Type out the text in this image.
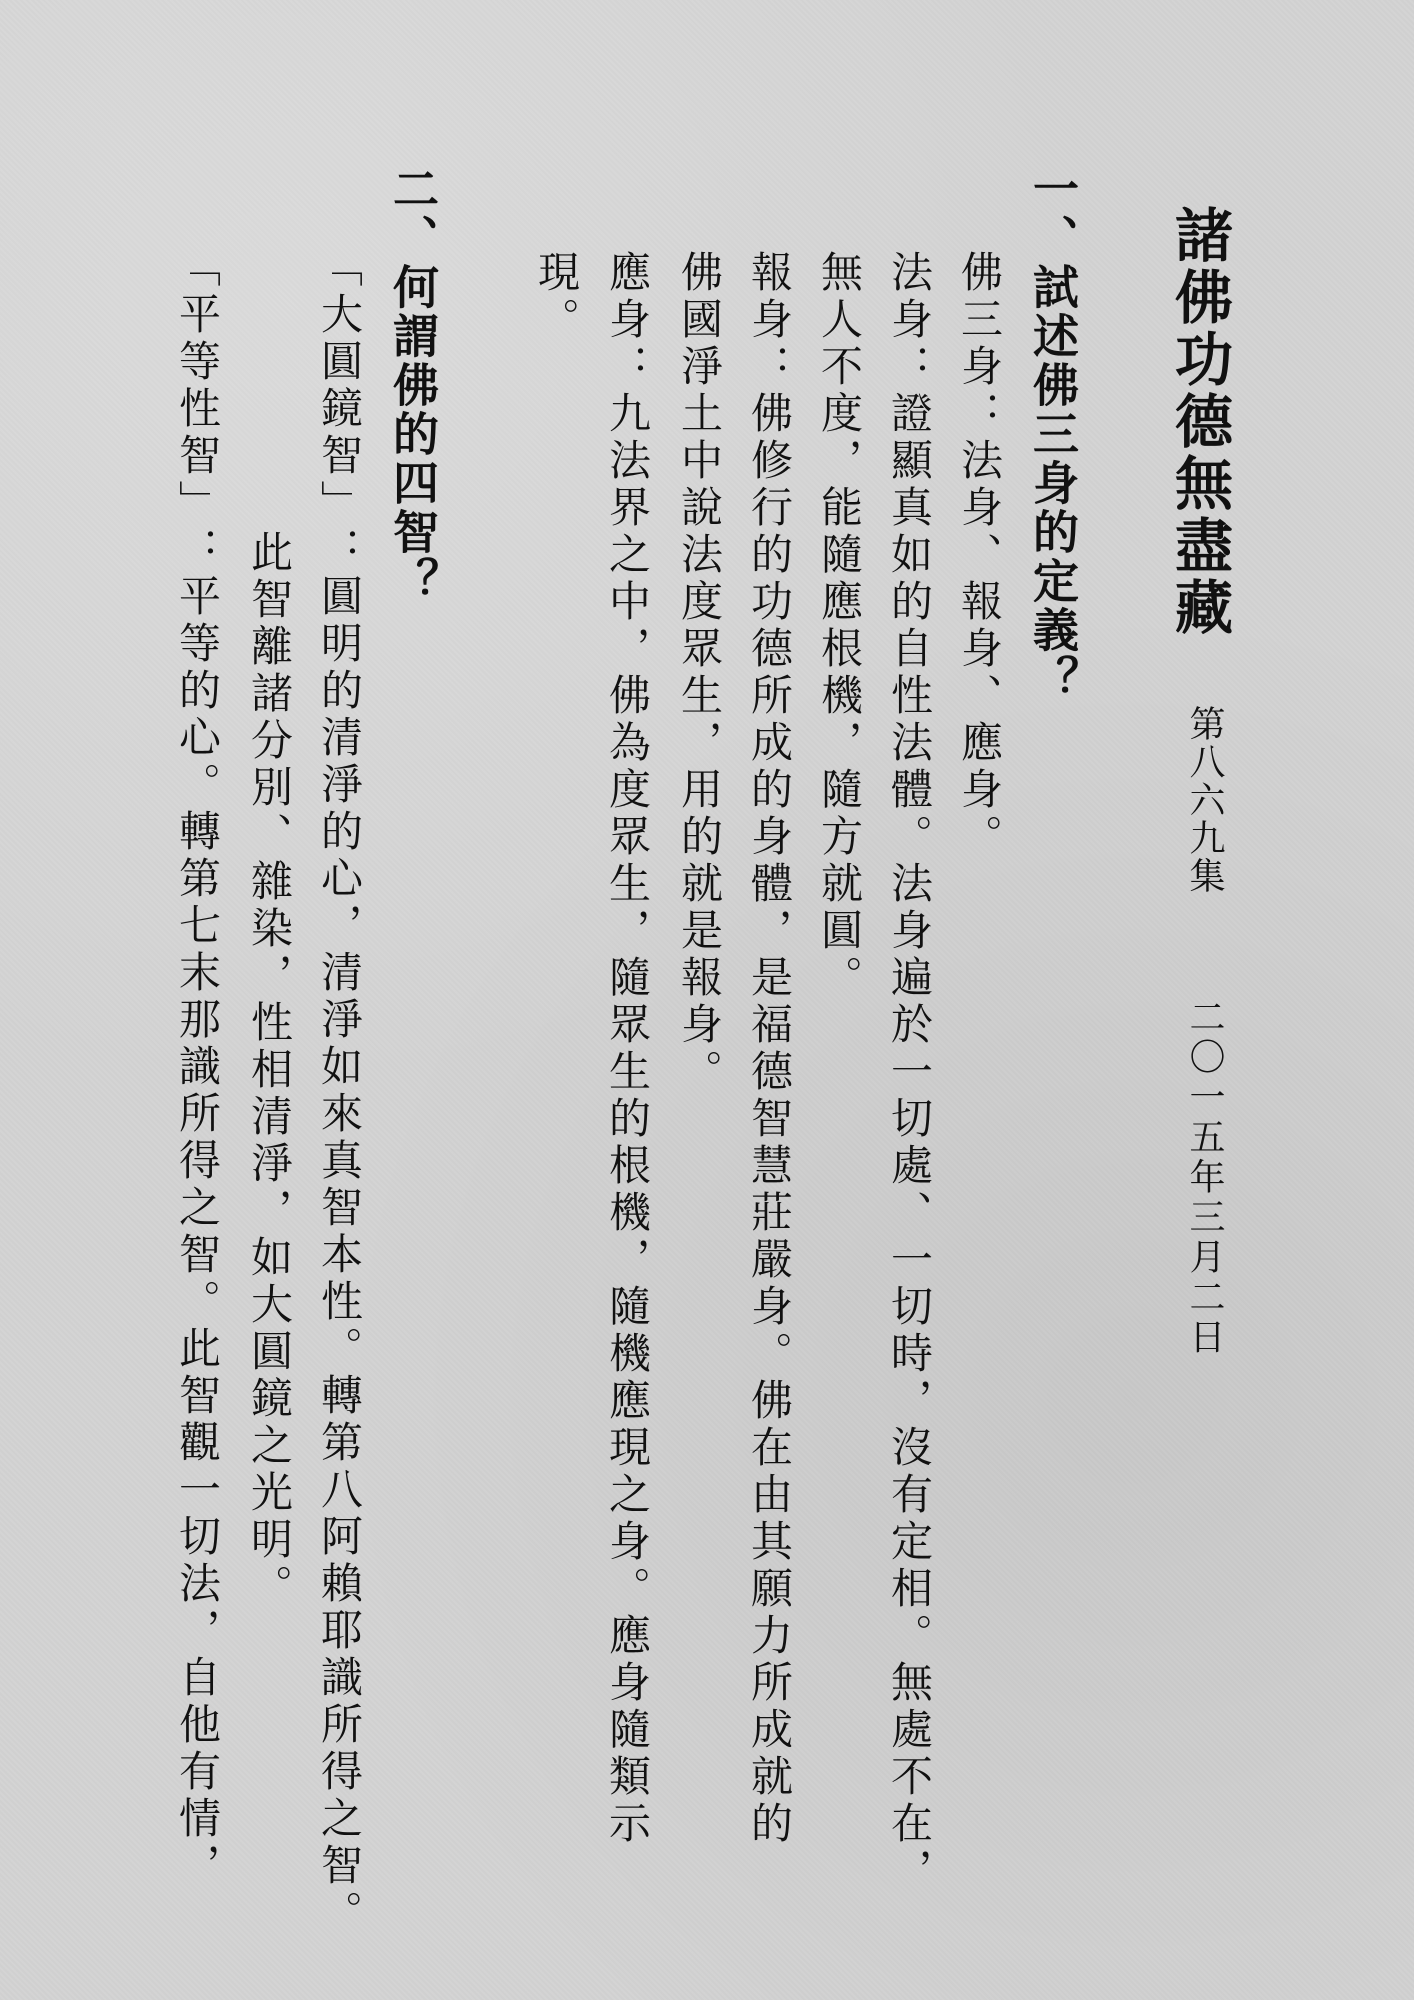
諸佛功德無盡藏
第八六九集
二〇一五年三月二日
一、試述佛三身的定義？
佛三身：法身、報身、應身。
法身：證顯真如的自性法體。法身遍於一切處、一切時，沒有定相。無處不在，
無人不度，能隨應根機，隨方就圓。
報身：佛修行的功德所成的身體，是福德智慧莊嚴身。佛在由其願力所成就的
佛國淨土中說法度眾生，用的就是報身。
應身：九法界之中，佛為度眾生，隨眾生的根機，隨機應現之身。應身隨類示
現。
二、何謂佛的四智？
「大圓鏡智」：圓明的清淨的心，清淨如來真智本性。轉第八阿賴耶識所得之智。
此智離諸分別、雜染，性相清淨，如大圓鏡之光明。
「平等性智」：平等的心。轉第七末那識所得之智。此智觀一切法，自他有情，
